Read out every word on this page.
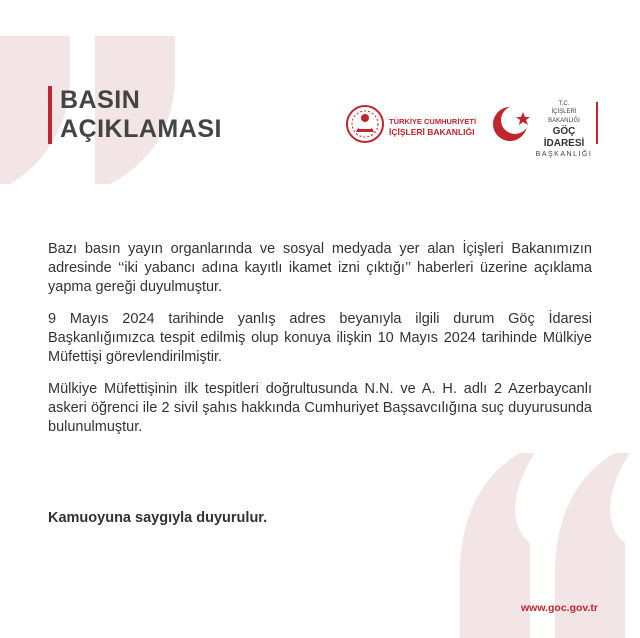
BASIN
AÇIKLAMASI	TÜRKİYE CUMHURİYETİ
İÇİŞLERİ BAKANLIĞI
T.C.
İÇİŞLERİ BAKANLIĞI
GÖÇ İDARESİ
BAŞKANLIĞI

Bazı basın yayın organlarında ve sosyal medyada yer alan İçişleri Bakanımızın adresinde ‘‘iki yabancı adına kayıtlı ikamet izni çıktığı’’ haberleri üzerine açıklama yapma gereği duyulmuştur.

9 Mayıs 2024 tarihinde yanlış adres beyanıyla ilgili durum Göç İdaresi Başkanlığımızca tespit edilmiş olup konuya ilişkin 10 Mayıs 2024 tarihinde Mülkiye Müfettişi görevlendirilmiştir.

Mülkiye Müfettişinin ilk tespitleri doğrultusunda N.N. ve A. H. adlı 2 Azerbaycanlı askeri öğrenci ile 2 sivil şahıs hakkında Cumhuriyet Başsavcılığına suç duyurusunda bulunulmuştur.

Kamuoyuna saygıyla duyurulur.
www.goc.gov.tr
